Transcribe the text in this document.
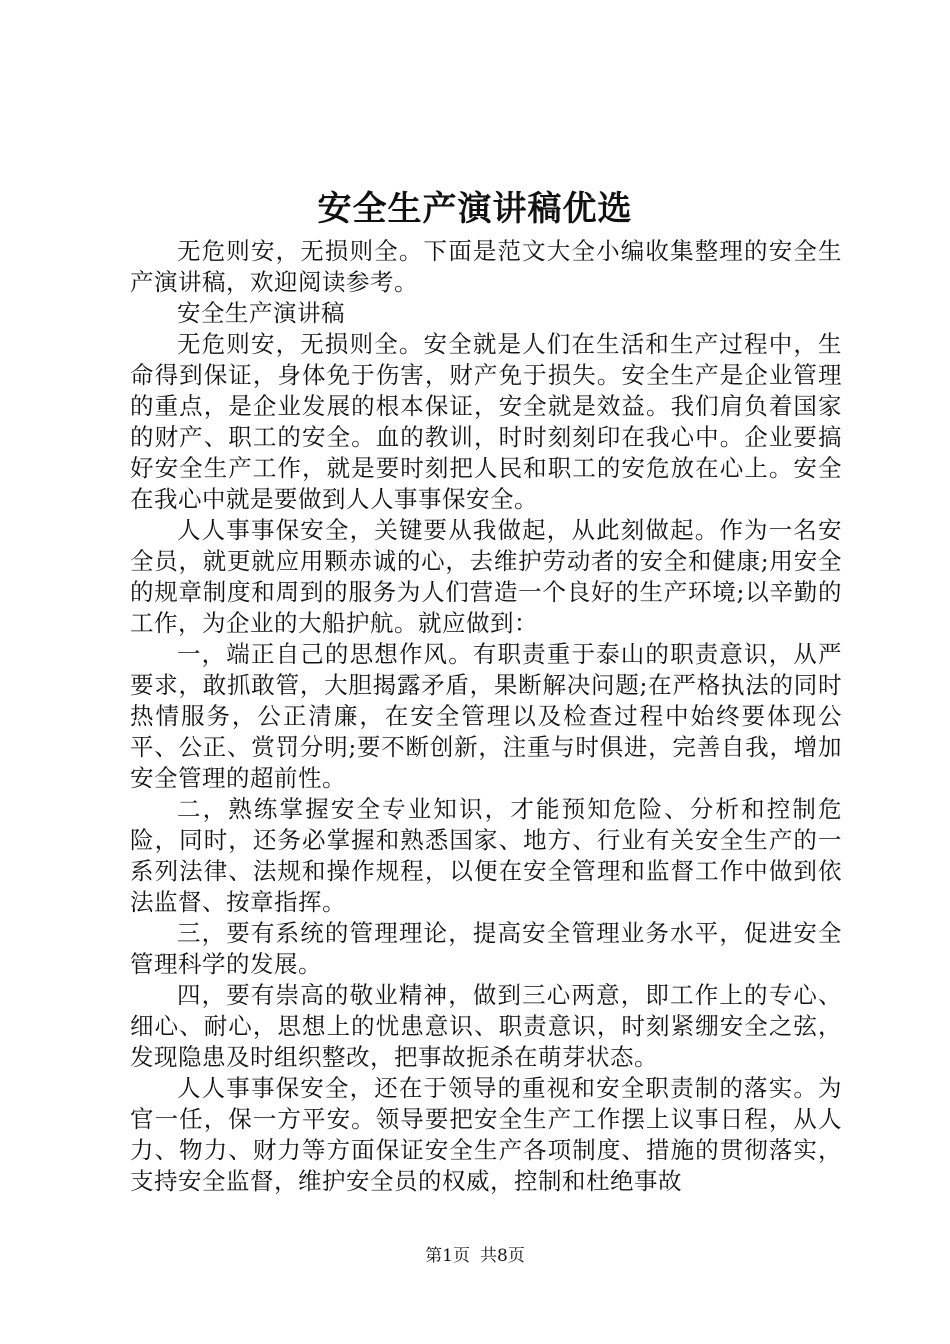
安全生产演讲稿优选

无危则安，无损则全。下面是范文大全小编收集整理的安全生产演讲稿，欢迎阅读参考。

安全生产演讲稿

无危则安，无损则全。安全就是人们在生活和生产过程中，生命得到保证，身体免于伤害，财产免于损失。安全生产是企业管理的重点，是企业发展的根本保证，安全就是效益。我们肩负着国家的财产、职工的安全。血的教训，时时刻刻印在我心中。企业要搞好安全生产工作，就是要时刻把人民和职工的安危放在心上。安全在我心中就是要做到人人事事保安全。

人人事事保安全，关键要从我做起，从此刻做起。作为一名安全员，就更就应用颗赤诚的心，去维护劳动者的安全和健康;用安全的规章制度和周到的服务为人们营造一个良好的生产环境;以辛勤的工作，为企业的大船护航。就应做到：

一，端正自己的思想作风。有职责重于泰山的职责意识，从严要求，敢抓敢管，大胆揭露矛盾，果断解决问题;在严格执法的同时热情服务，公正清廉，在安全管理以及检查过程中始终要体现公平、公正、赏罚分明;要不断创新，注重与时俱进，完善自我，增加安全管理的超前性。

二，熟练掌握安全专业知识，才能预知危险、分析和控制危险，同时，还务必掌握和熟悉国家、地方、行业有关安全生产的一系列法律、法规和操作规程，以便在安全管理和监督工作中做到依法监督、按章指挥。

三，要有系统的管理理论，提高安全管理业务水平，促进安全管理科学的发展。

四，要有崇高的敬业精神，做到三心两意，即工作上的专心、细心、耐心，思想上的忧患意识、职责意识，时刻紧绷安全之弦，发现隐患及时组织整改，把事故扼杀在萌芽状态。

人人事事保安全，还在于领导的重视和安全职责制的落实。为官一任，保一方平安。领导要把安全生产工作摆上议事日程，从人力、物力、财力等方面保证安全生产各项制度、措施的贯彻落实，支持安全监督，维护安全员的权威，控制和杜绝事故

第1页 共8页
